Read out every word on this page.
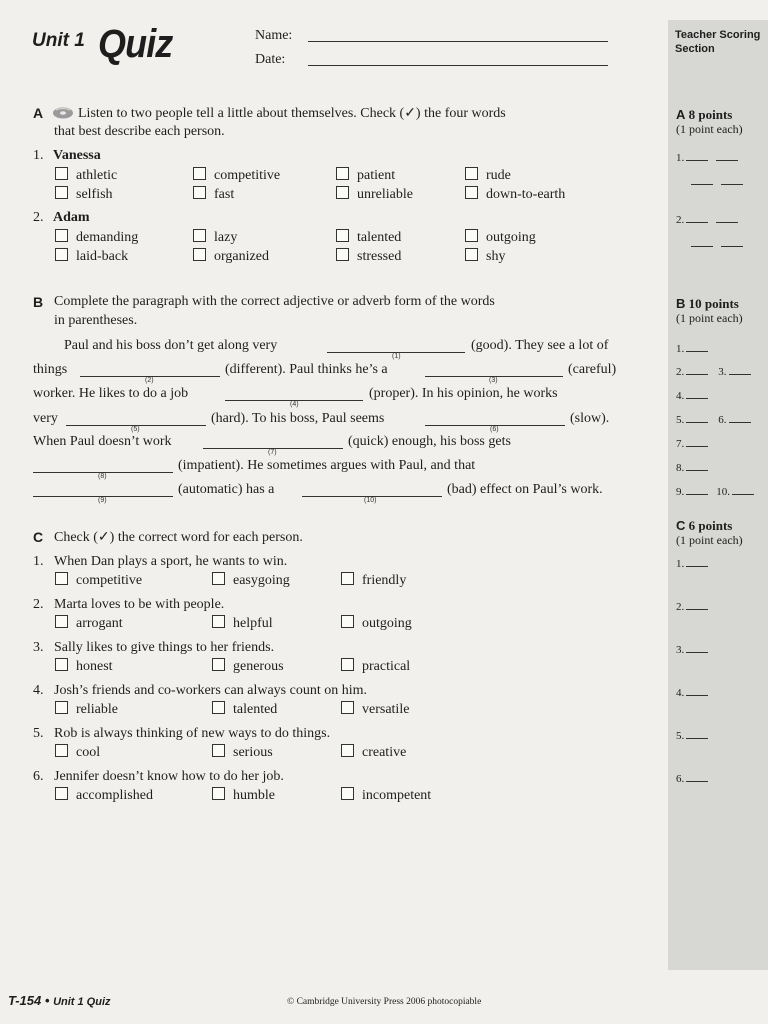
Unit 1 Quiz	Name:
Date:
Teacher Scoring
Section
A 8 points
(1 point each)
1.
2.
B 10 points
(1 point each)
1.
2.	3.
4.
5.	6.
7.
8.
9.	10.
C 6 points
(1 point each)
1.
2.
3.
4.
5.
6.
A Listen to two people tell a little about themselves. Check (✓) the four words
that best describe each person.
1. Vanessa
2. Adam
B Complete the paragraph with the correct adjective or adverb form of the words
in parentheses.
Paul and his boss don’t get along very
(1)
(good). They see a lot of
things
(2)
(different). Paul thinks he’s a
(3)
(careful)
worker. He likes to do a job
(4)
(proper). In his opinion, he works
very
(5)
(hard). To his boss, Paul seems
(6)
(slow).
When Paul doesn’t work
(7)
(quick) enough, his boss gets
(8)
(impatient). He sometimes argues with Paul, and that
(9)
(automatic) has a
(10)
(bad) effect on Paul’s work.
C Check (✓) the correct word for each person.
T-154 • Unit 1 Quiz	© Cambridge University Press 2006 photocopiable
athletic	competitive	patient	rude
selfish	fast	unreliable	down-to-earth
demanding	lazy	talented	outgoing
laid-back	organized	stressed	shy
1. When Dan plays a sport, he wants to win.
competitive	easygoing	friendly
2. Marta loves to be with people.
arrogant	helpful	outgoing
3. Sally likes to give things to her friends.
honest	generous	practical
4. Josh’s friends and co-workers can always count on him.
reliable	talented	versatile
5. Rob is always thinking of new ways to do things.
cool	serious	creative
6. Jennifer doesn’t know how to do her job.
accomplished	humble	incompetent
